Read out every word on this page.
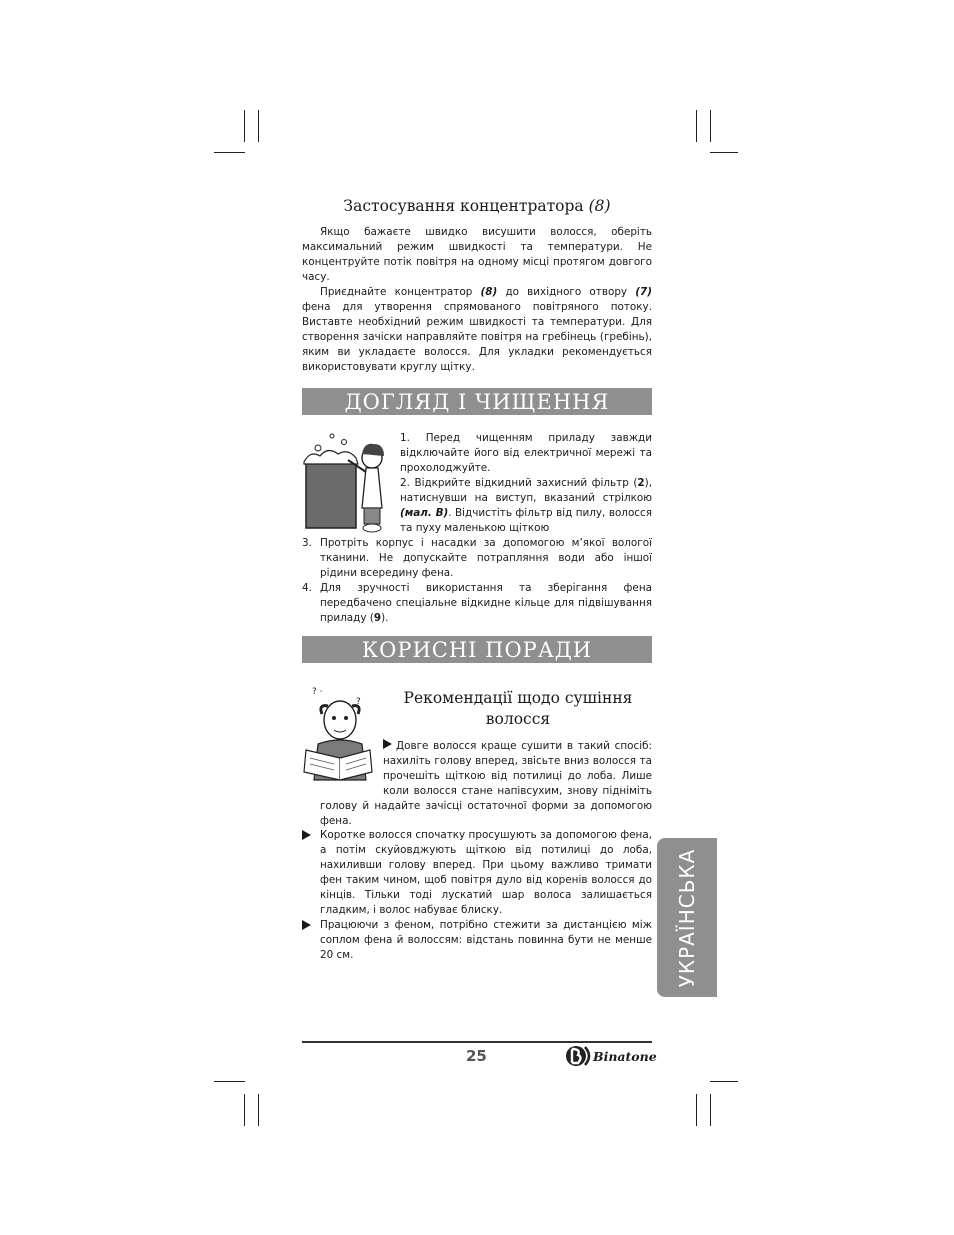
Застосування концентратора (8)

Якщо бажаєте швидко висушити волосся, оберіть максимальний режим швидкості та температури. Не концентруйте потік повітря на одному місці протягом довгого часу.

Приєднайте концентратор (8) до вихідного отвору (7) фена для утворення спрямованого повітряного потоку. Виставте необхідний режим швидкості та температури. Для створення зачіски направляйте повітря на гребінець (гребінь), яким ви укладаєте волосся. Для укладки рекомендується використовувати круглу щітку.

ДОГЛЯД І ЧИЩЕННЯ
1. Перед чищенням приладу завжди відключайте його від електричної мережі та прохолоджуйте.
2. Відкрийте відкидний захисний фільтр (2), натиснувши на виступ, вказаний стрілкою (мал. В). Відчистіть фільтр від пилу, волосся та пуху маленькою щіткою
3. Протріть корпус і насадки за допомогою м’якої вологої тканини. Не допускайте потрапляння води або іншої рідини всередину фена.
4. Для зручності використання та зберігання фена передбачено спеціальне відкидне кільце для підвішування приладу (9).
КОРИСНІ ПОРАДИ
? ·
?	Рекомендації щодо сушіння
волосся
Довге волосся краще сушити в такий спосіб: нахиліть голову вперед, звісьте вниз волосся та прочешіть щіткою від потилиці до лоба. Лише коли волосся стане напівсухим, знову підніміть голову й надайте зачісці остаточної форми за допомогою фена.
Коротке волосся спочатку просушують за допомогою фена, а потім скуйовджують щіткою від потилиці до лоба, нахиливши голову вперед. При цьому важливо тримати фен таким чином, щоб повітря дуло від коренів волосся до кінців. Тільки тоді лускатий шар волоса залишається гладким, і волос набуває блиску.
Працюючи з феном, потрібно стежити за дистанцією між соплом фена й волоссям: відстань повинна бути не менше 20 см.	УКРАЇНСЬКА
25	Binatone
